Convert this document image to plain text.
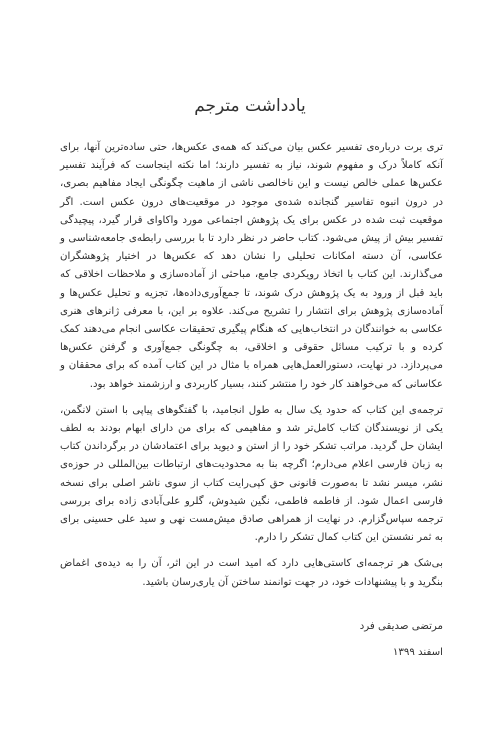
یادداشت مترجم

تری برت درباره‌ی تفسیر عکس بیان می‌کند که همه‌ی عکس‌ها، حتی ساده‌ترین آنها، برای آنکه کاملاً درک و مفهوم شوند، نیاز به تفسیر دارند؛ اما نکته اینجاست که فرآیند تفسیر عکس‌ها عملی خالص نیست و این ناخالصی ناشی از ماهیت چگونگی ایجاد مفاهیم بصری، در درون انبوه تفاسیر گنجانده شده‌ی موجود در موقعیت‌های درون عکس است. اگر موقعیت ثبت شده در عکس برای یک پژوهش اجتماعی مورد واکاوای قرار گیرد، پیچیدگی تفسیر بیش از پیش می‌شود. کتاب حاضر در نظر دارد تا با بررسی رابطه‌ی جامعه‌شناسی و عکاسی، آن دسته امکانات تحلیلی را نشان دهد که عکس‌ها در اختیار پژوهشگران می‌گذارند. این کتاب با اتخاذ رویکردی جامع، مباحثی از آماده‌سازی و ملاحظات اخلاقی که باید قبل از ورود به یک پژوهش درک شوند، تا جمع‌آوری‌داده‌ها، تجزیه و تحلیل عکس‌ها و آماده‌سازی پژوهش برای انتشار را تشریح می‌کند. علاوه بر این، با معرفی ژانرهای هنری عکاسی به خوانندگان در انتخاب‌هایی که هنگام پیگیری تحقیقات عکاسی انجام می‌دهند کمک کرده و با ترکیب مسائل حقوقی و اخلاقی، به چگونگی جمع‌آوری و گرفتن عکس‌ها می‌پردازد. در نهایت، دستورالعمل‌هایی همراه با مثال در این کتاب آمده که برای محققان و عکاسانی که می‌خواهند کار خود را منتشر کنند، بسیار کاربردی و ارزشمند خواهد بود.

ترجمه‌ی این کتاب که حدود یک سال به طول انجامید، با گفتگوهای پیاپی با استن لانگمن، یکی از نویسندگان کتاب کامل‌تر شد و مفاهیمی که برای من دارای ابهام بودند به لطف ایشان حل گردید. مراتب تشکر خود را از استن و دیوید برای اعتمادشان در برگرداندن کتاب به زبان فارسی اعلام می‌دارم؛ اگرچه بنا به محدودیت‌های ارتباطات بین‌المللی در حوزه‌ی نشر، میسر نشد تا به‌صورت قانونی حق کپی‌رایت کتاب از سوی ناشر اصلی برای نسخه فارسی اعمال شود. از فاطمه فاطمی، نگین شیدوش، گلرو علی‌آبادی زاده برای بررسی ترجمه سپاس‌گزارم. در نهایت از همراهی صادق میش‌مست نهی و سید علی حسینی برای به ثمر نشستن این کتاب کمال تشکر را دارم.

بی‌شک هر ترجمه‌ای کاستی‌هایی دارد که امید است در این اثر، آن را به دیده‌ی اغماض بنگرید و با پیشنهادات خود، در جهت توانمند ساختن آن یاری‌رسان باشید.

مرتضی صدیقی فرد
اسفند ۱۳۹۹
